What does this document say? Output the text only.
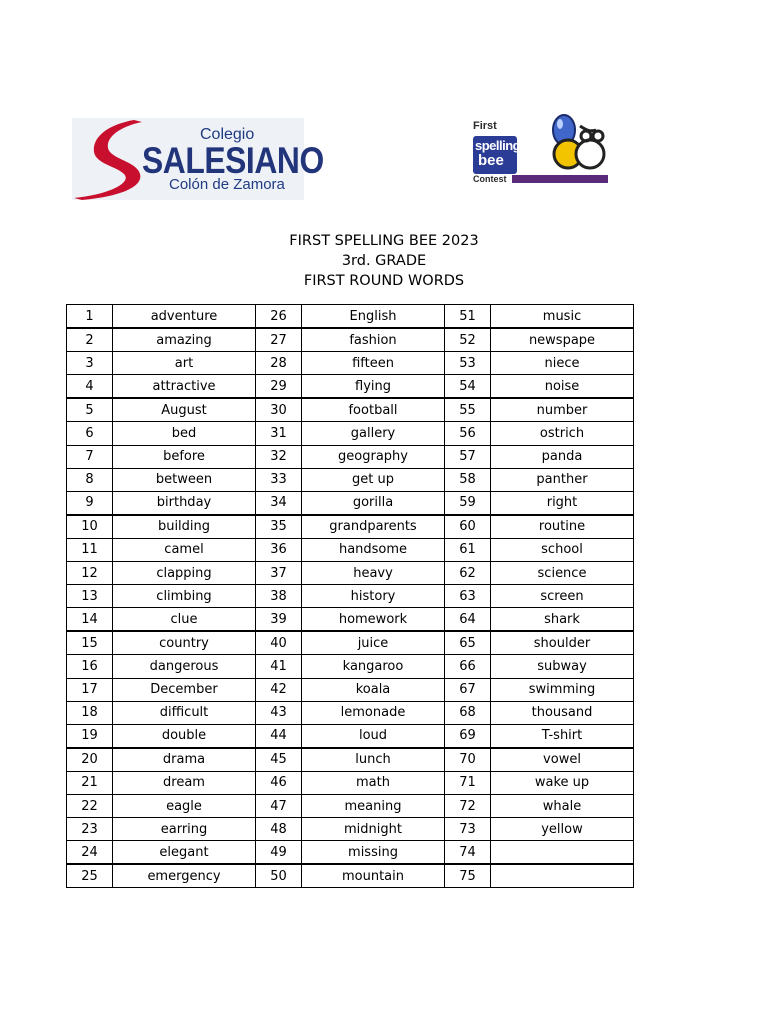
Colegio
SALESIANO
Colón de Zamora
First
spelling
bee
Contest
FIRST SPELLING BEE 2023
3rd. GRADE
FIRST ROUND WORDS
1	adventure	26	English	51	music
2	amazing	27	fashion	52	newspape
3	art	28	fifteen	53	niece
4	attractive	29	flying	54	noise
5	August	30	football	55	number
6	bed	31	gallery	56	ostrich
7	before	32	geography	57	panda
8	between	33	get up	58	panther
9	birthday	34	gorilla	59	right
10	building	35	grandparents	60	routine
11	camel	36	handsome	61	school
12	clapping	37	heavy	62	science
13	climbing	38	history	63	screen
14	clue	39	homework	64	shark
15	country	40	juice	65	shoulder
16	dangerous	41	kangaroo	66	subway
17	December	42	koala	67	swimming
18	difficult	43	lemonade	68	thousand
19	double	44	loud	69	T-shirt
20	drama	45	lunch	70	vowel
21	dream	46	math	71	wake up
22	eagle	47	meaning	72	whale
23	earring	48	midnight	73	yellow
24	elegant	49	missing	74	
25	emergency	50	mountain	75	
